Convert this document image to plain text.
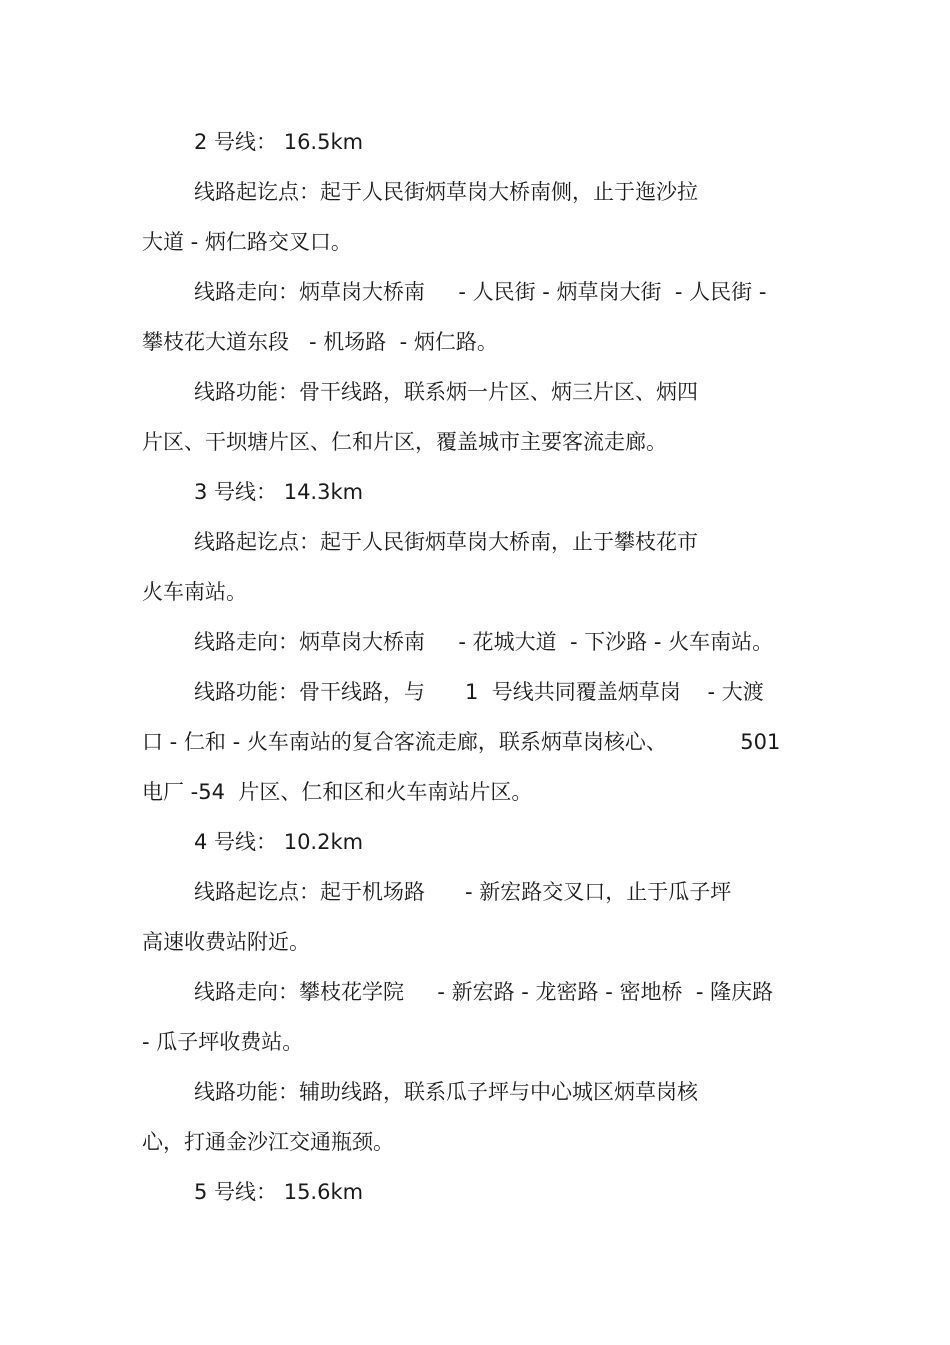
2 号线： 16.5km
线路起讫点：起于人民街炳草岗大桥南侧，止于迤沙拉
大道 - 炳仁路交叉口。
线路走向：炳草岗大桥南     - 人民街 - 炳草岗大街  - 人民街 -
攀枝花大道东段   - 机场路  - 炳仁路。
线路功能：骨干线路，联系炳一片区、炳三片区、炳四
片区、干坝塘片区、仁和片区，覆盖城市主要客流走廊。
3 号线： 14.3km
线路起讫点：起于人民街炳草岗大桥南，止于攀枝花市
火车南站。
线路走向：炳草岗大桥南     - 花城大道  - 下沙路 - 火车南站。
线路功能：骨干线路，与      1  号线共同覆盖炳草岗    - 大渡
口 - 仁和 - 火车南站的复合客流走廊，联系炳草岗核心、           501
电厂 -54  片区、仁和区和火车南站片区。
4 号线： 10.2km
线路起讫点：起于机场路      - 新宏路交叉口，止于瓜子坪
高速收费站附近。
线路走向：攀枝花学院     - 新宏路 - 龙密路 - 密地桥  - 隆庆路
- 瓜子坪收费站。
线路功能：辅助线路，联系瓜子坪与中心城区炳草岗核
心，打通金沙江交通瓶颈。
5 号线： 15.6km
